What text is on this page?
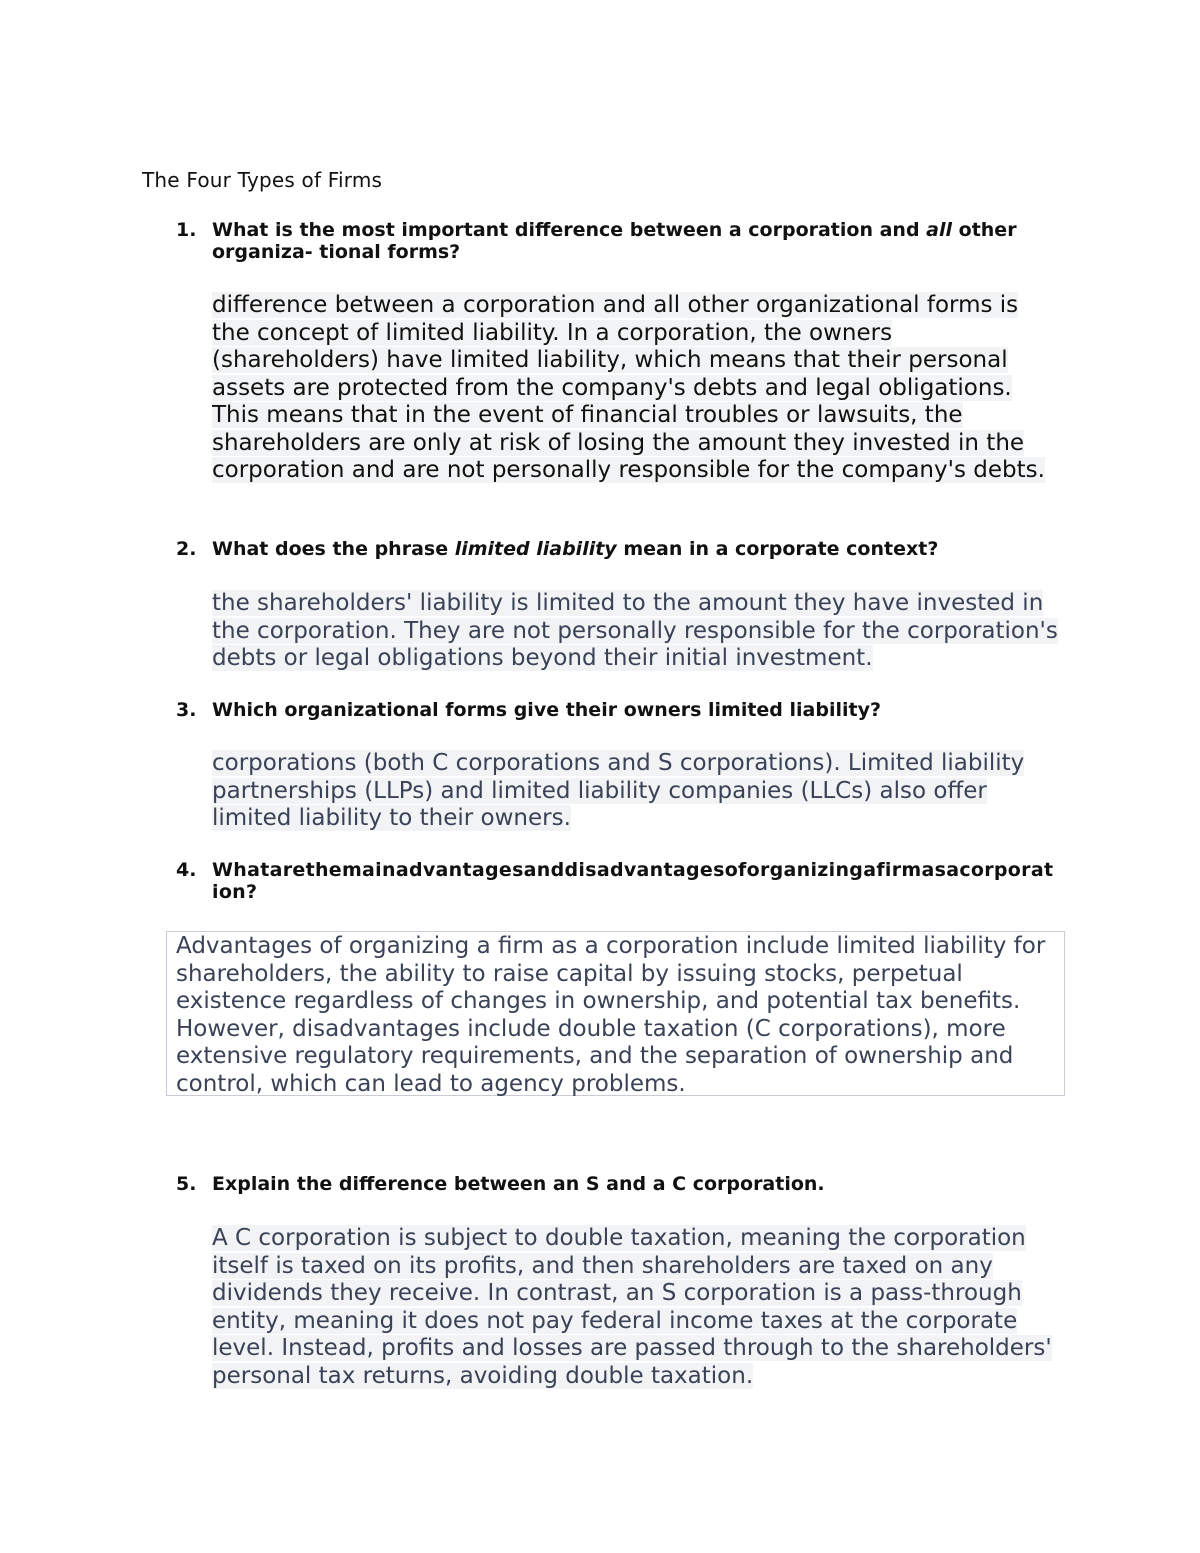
The Four Types of Firms
1. What is the most important difference between a corporation and all other organiza- tional forms?
difference between a corporation and all other organizational forms is the concept of limited liability. In a corporation, the owners (shareholders) have limited liability, which means that their personal assets are protected from the company's debts and legal obligations. This means that in the event of financial troubles or lawsuits, the shareholders are only at risk of losing the amount they invested in the corporation and are not personally responsible for the company's debts.
2. What does the phrase limited liability mean in a corporate context?
the shareholders' liability is limited to the amount they have invested in the corporation. They are not personally responsible for the corporation's debts or legal obligations beyond their initial investment.
3. Which organizational forms give their owners limited liability?
corporations (both C corporations and S corporations). Limited liability partnerships (LLPs) and limited liability companies (LLCs) also offer limited liability to their owners.
4. Whatarethemainadvantagesanddisadvantagesoforganizingafirmasacorporation?
Advantages of organizing a firm as a corporation include limited liability for shareholders, the ability to raise capital by issuing stocks, perpetual existence regardless of changes in ownership, and potential tax benefits. However, disadvantages include double taxation (C corporations), more extensive regulatory requirements, and the separation of ownership and control, which can lead to agency problems.
5. Explain the difference between an S and a C corporation.
A C corporation is subject to double taxation, meaning the corporation itself is taxed on its profits, and then shareholders are taxed on any dividends they receive. In contrast, an S corporation is a pass-through entity, meaning it does not pay federal income taxes at the corporate level. Instead, profits and losses are passed through to the shareholders' personal tax returns, avoiding double taxation.
